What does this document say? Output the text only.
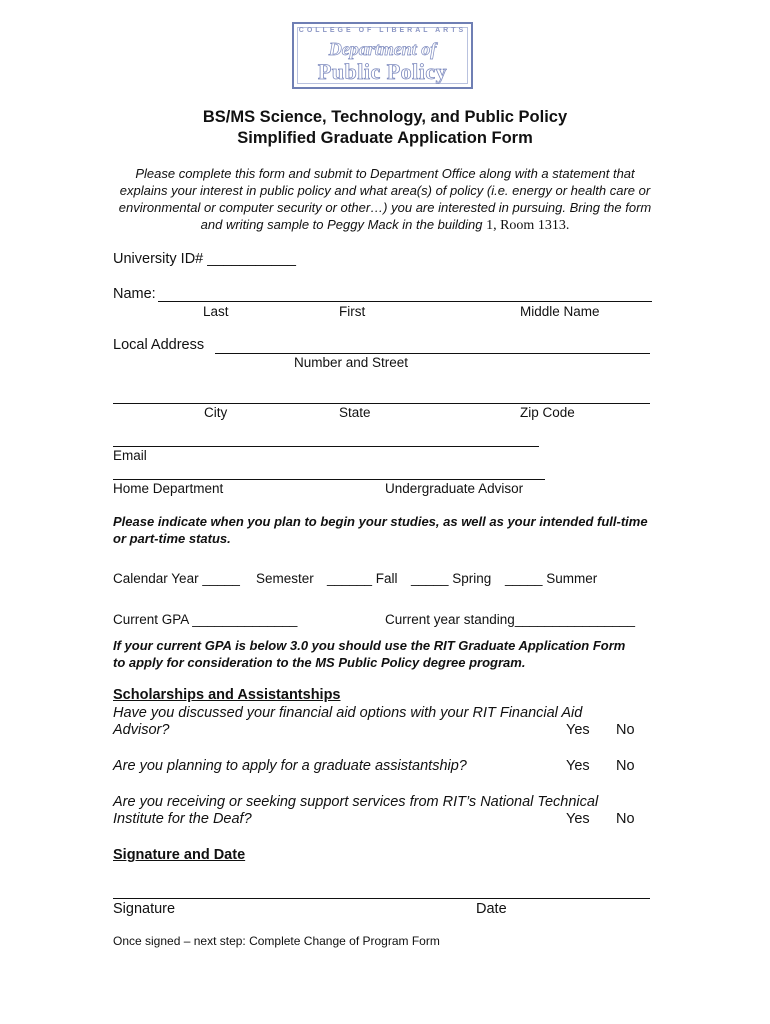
COLLEGE OF LIBERAL ARTS
Department of
Public Policy
BS/MS Science, Technology, and Public Policy
Simplified Graduate Application Form
Please complete this form and submit to Department Office along with a statement that explains your interest in public policy and what area(s) of policy (i.e. energy or health care or environmental or computer security or other…) you are interested in pursuing. Bring the form and writing sample to Peggy Mack in the building 1, Room 1313.
University ID# ___________
Name:
Last	First	Middle Name
Local Address
Number and Street
City	State	Zip Code
Email
Home Department	Undergraduate Advisor
Please indicate when you plan to begin your studies, as well as your intended full-time or part-time status.
Calendar Year _____ Semester ______ Fall _____ Spring _____ Summer
Current GPA ______________	Current year standing________________
If your current GPA is below 3.0 you should use the RIT Graduate Application Form to apply for consideration to the MS Public Policy degree program.
Scholarships and Assistantships
Have you discussed your financial aid options with your RIT Financial Aid
Advisor?	Yes No
Are you planning to apply for a graduate assistantship?	Yes No
Are you receiving or seeking support services from RIT’s National Technical
Institute for the Deaf?	Yes No
Signature and Date
Signature	Date
Once signed – next step: Complete Change of Program Form
